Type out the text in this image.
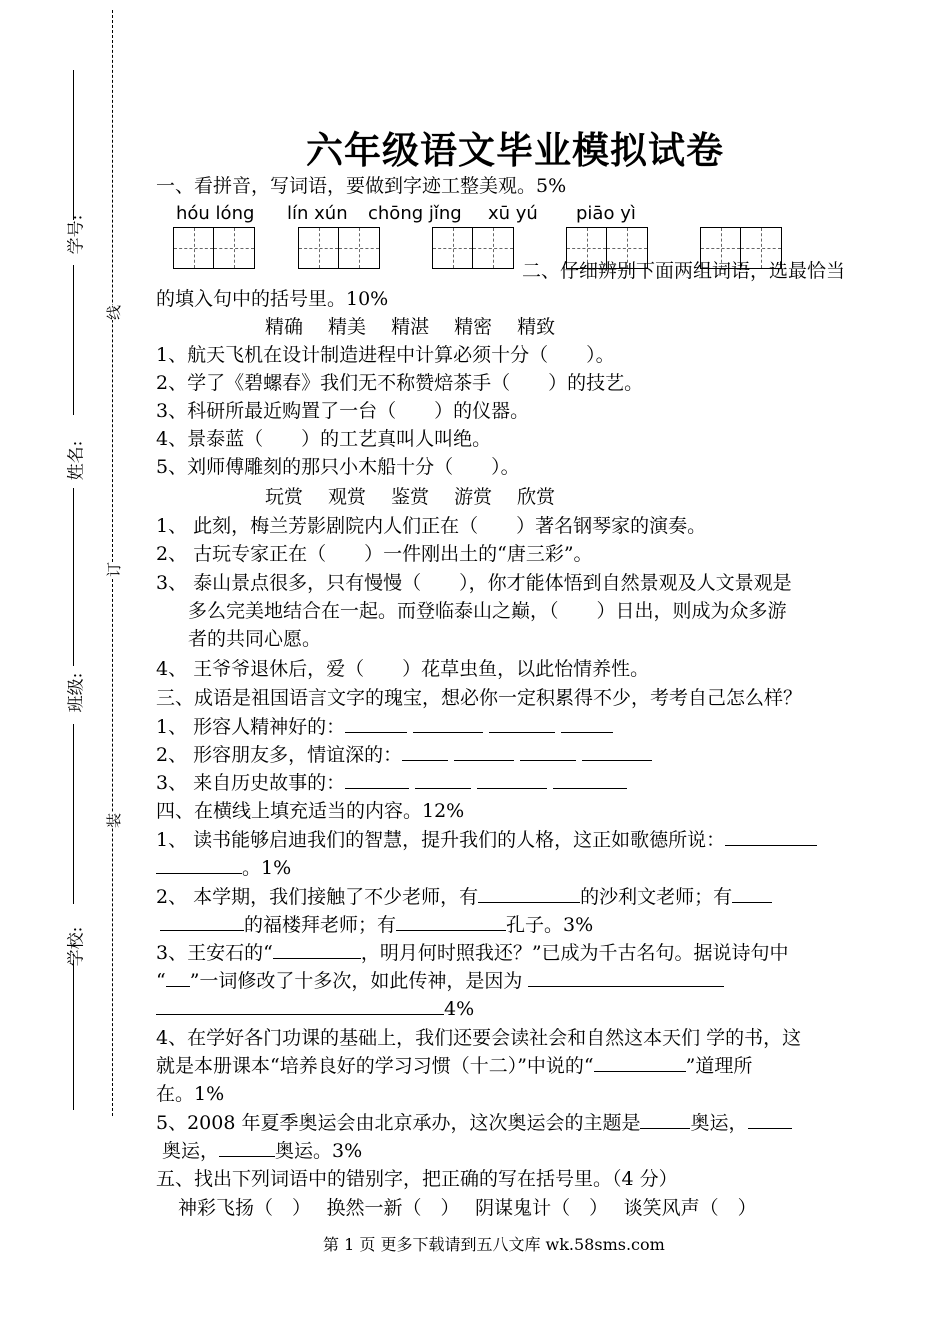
学号:
姓名:
班级:
学校:
线
订
装
六年级语文毕业模拟试卷
一、看拼音，写词语，要做到字迹工整美观。5%
hóu lóng lín xún chōng jǐng xū yú piāo yì
二、仔细辨别下面两组词语，选最恰当
的填入句中的括号里。10%
精确　 精美　 精湛　 精密　 精致
1、航天飞机在设计制造进程中计算必须十分（　　）。
2、学了《碧螺春》我们无不称赞焙茶手（　　）的技艺。
3、科研所最近购置了一台（　　）的仪器。
4、景泰蓝（　　）的工艺真叫人叫绝。
5、刘师傅雕刻的那只小木船十分（　　）。
玩赏　 观赏　 鉴赏　 游赏　 欣赏
1、 此刻，梅兰芳影剧院内人们正在（　　）著名钢琴家的演奏。
2、 古玩专家正在（　　）一件刚出土的“唐三彩”。
3、 泰山景点很多，只有慢慢（　　），你才能体悟到自然景观及人文景观是
多么完美地结合在一起。而登临泰山之巅，（　　）日出，则成为众多游
者的共同心愿。
4、 王爷爷退休后，爱（　　）花草虫鱼，以此怡情养性。
三、成语是祖国语言文字的瑰宝，想必你一定积累得不少，考考自己怎么样？
1、 形容人精神好的：
2、 形容朋友多，情谊深的：
3、 来自历史故事的：
四、在横线上填充适当的内容。12%
1、 读书能够启迪我们的智慧，提升我们的人格，这正如歌德所说：
。1%
2、 本学期，我们接触了不少老师，有	的沙利文老师；有
的福楼拜老师；有	孔子。3%
3、王安石的“	，明月何时照我还？”已成为千古名句。据说诗句中
“ ”一词修改了十多次，如此传神，是因为
4%
4、在学好各门功课的基础上，我们还要会读社会和自然这本天们 学的书，这
就是本册课本“培养良好的学习习惯（十二）”中说的“	”道理所
在。1%
5、2008 年夏季奥运会由北京承办，这次奥运会的主题是	奥运，
奥运，	奥运。3%
五、找出下列词语中的错别字，把正确的写在括号里。（4 分）
神彩飞扬（　）　 换然一新（　）　 阴谋鬼计（　）　 谈笑风声（　）
第 1 页 更多下载请到五八文库 wk.58sms.com
